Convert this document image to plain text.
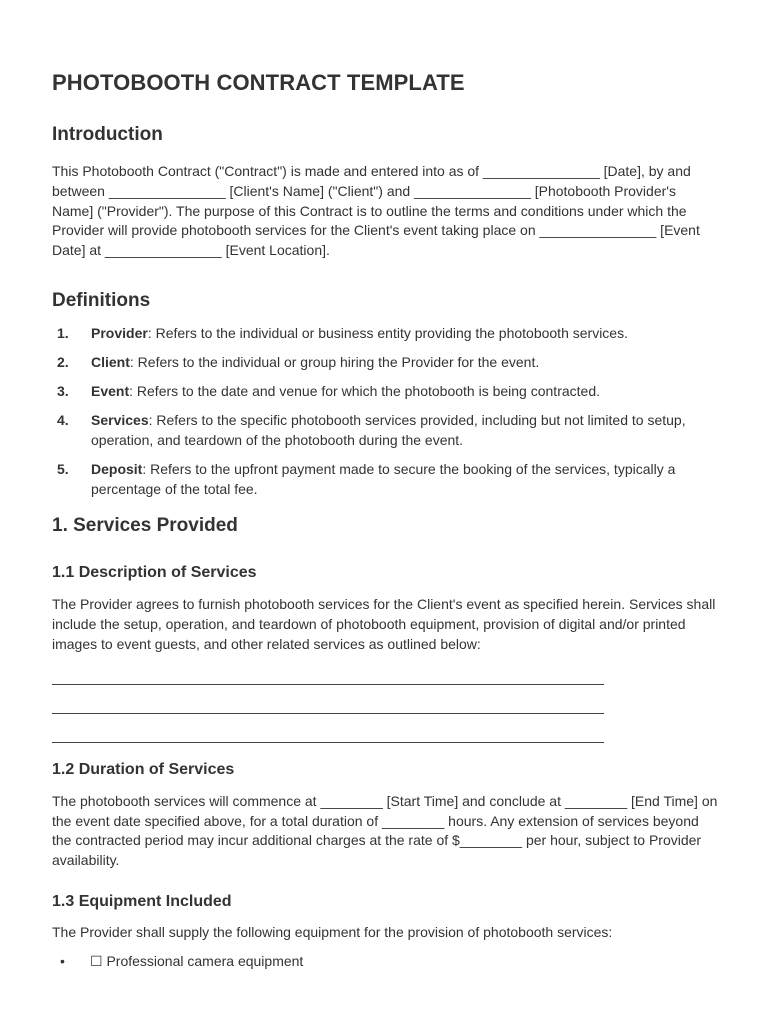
PHOTOBOOTH CONTRACT TEMPLATE
Introduction

This Photobooth Contract ("Contract") is made and entered into as of _______________ [Date], by and between _______________ [Client's Name] ("Client") and _______________ [Photobooth Provider's Name] ("Provider"). The purpose of this Contract is to outline the terms and conditions under which the Provider will provide photobooth services for the Client's event taking place on _______________ [Event Date] at _______________ [Event Location].

Definitions
1. Provider: Refers to the individual or business entity providing the photobooth services.
2. Client: Refers to the individual or group hiring the Provider for the event.
3. Event: Refers to the date and venue for which the photobooth is being contracted.
4. Services: Refers to the specific photobooth services provided, including but not limited to setup, operation, and teardown of the photobooth during the event.
5. Deposit: Refers to the upfront payment made to secure the booking of the services, typically a percentage of the total fee.
1. Services Provided
1.1 Description of Services

The Provider agrees to furnish photobooth services for the Client's event as specified herein. Services shall include the setup, operation, and teardown of photobooth equipment, provision of digital and/or printed images to event guests, and other related services as outlined below:

1.2 Duration of Services

The photobooth services will commence at ________ [Start Time] and conclude at ________ [End Time] on the event date specified above, for a total duration of ________ hours. Any extension of services beyond the contracted period may incur additional charges at the rate of $________ per hour, subject to Provider availability.

1.3 Equipment Included

The Provider shall supply the following equipment for the provision of photobooth services:

• ☐ Professional camera equipment
